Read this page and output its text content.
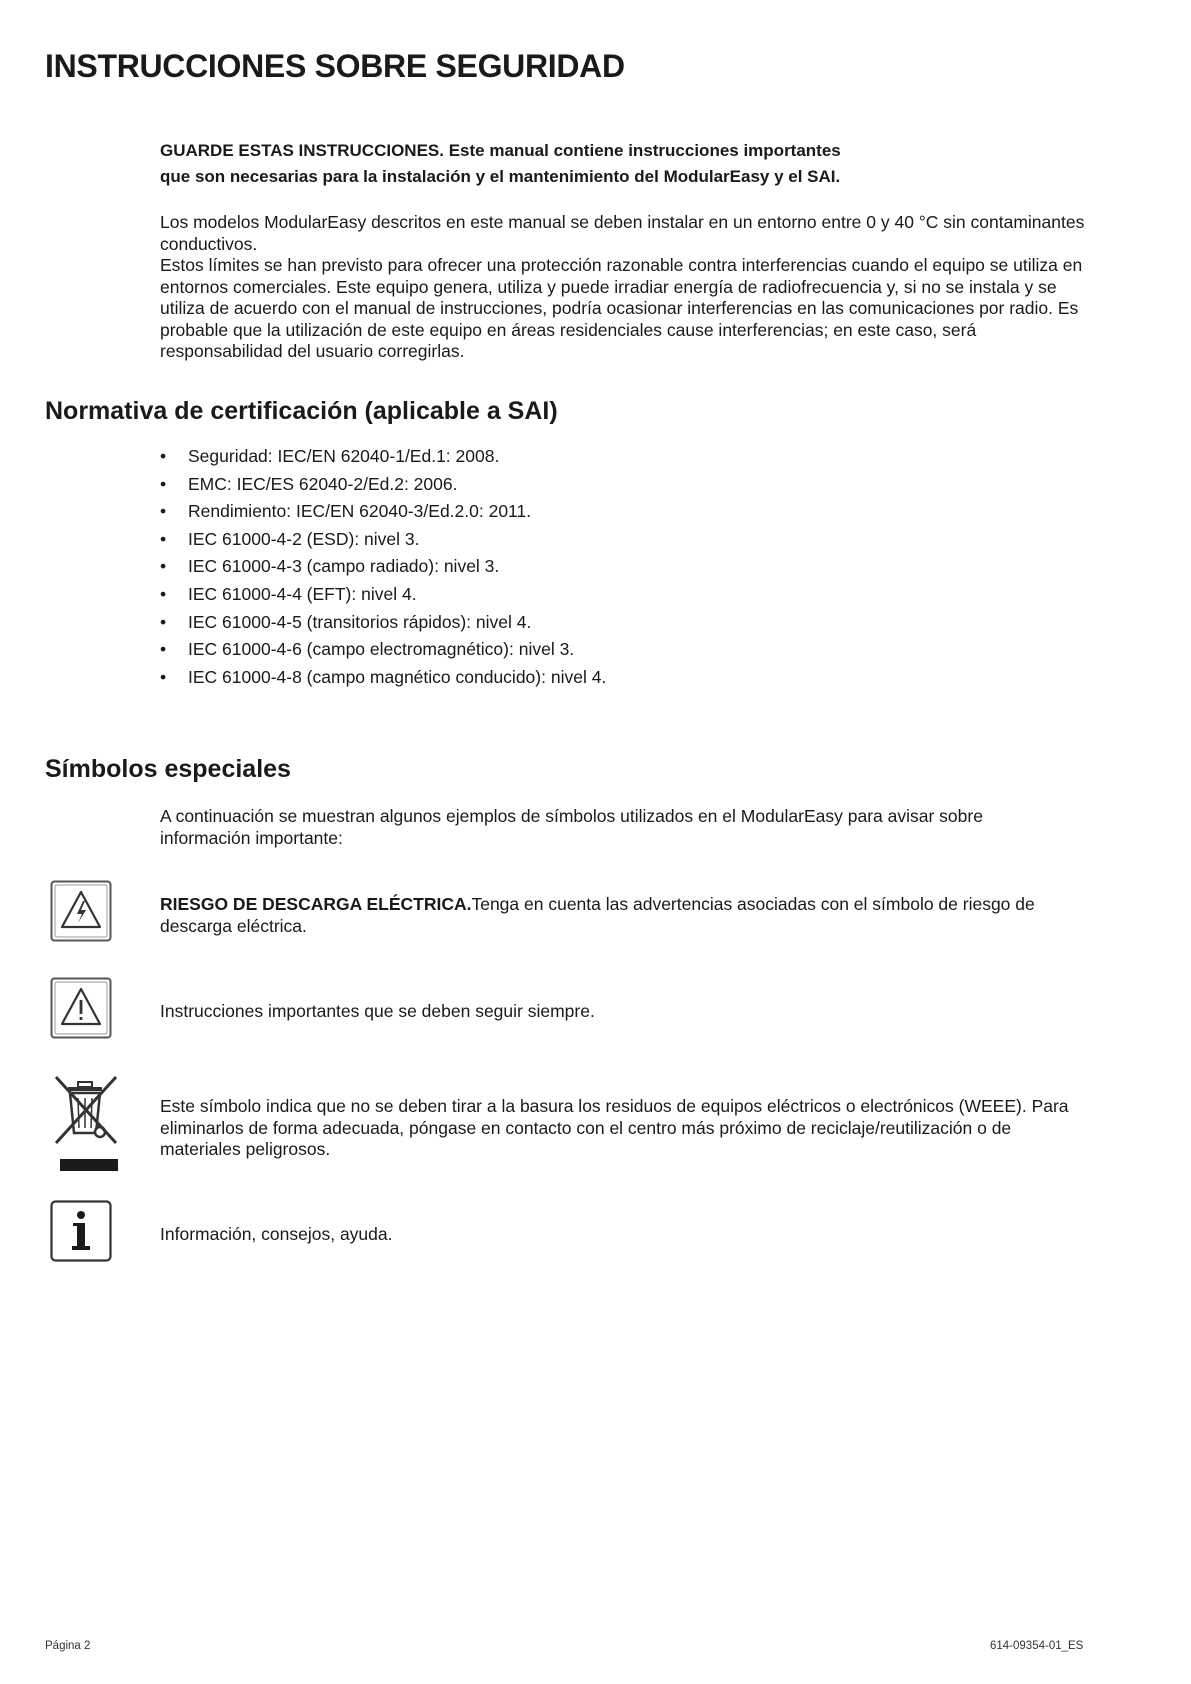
INSTRUCCIONES SOBRE SEGURIDAD

GUARDE ESTAS INSTRUCCIONES. Este manual contiene instrucciones importantes

que son necesarias para la instalación y el mantenimiento del ModularEasy y el SAI.

Los modelos ModularEasy descritos en este manual se deben instalar en un entorno entre 0 y 40 °C sin contaminantes conductivos.

Estos límites se han previsto para ofrecer una protección razonable contra interferencias cuando el equipo se utiliza en entornos comerciales. Este equipo genera, utiliza y puede irradiar energía de radiofrecuencia y, si no se instala y se utiliza de acuerdo con el manual de instrucciones, podría ocasionar interferencias en las comunicaciones por radio. Es probable que la utilización de este equipo en áreas residenciales cause interferencias; en este caso, será responsabilidad del usuario corregirlas.

Normativa de certificación (aplicable a SAI)
• Seguridad: IEC/EN 62040-1/Ed.1: 2008.
• EMC: IEC/ES 62040-2/Ed.2: 2006.
• Rendimiento: IEC/EN 62040-3/Ed.2.0: 2011.
• IEC 61000-4-2 (ESD): nivel 3.
• IEC 61000-4-3 (campo radiado): nivel 3.
• IEC 61000-4-4 (EFT): nivel 4.
• IEC 61000-4-5 (transitorios rápidos): nivel 4.
• IEC 61000-4-6 (campo electromagnético): nivel 3.
• IEC 61000-4-8 (campo magnético conducido): nivel 4.
Símbolos especiales

A continuación se muestran algunos ejemplos de símbolos utilizados en el ModularEasy para avisar sobre información importante:

RIESGO DE DESCARGA ELÉCTRICA.Tenga en cuenta las advertencias asociadas con el símbolo de riesgo de descarga eléctrica.
Instrucciones importantes que se deben seguir siempre.
Este símbolo indica que no se deben tirar a la basura los residuos de equipos eléctricos o electrónicos (WEEE). Para eliminarlos de forma adecuada, póngase en contacto con el centro más próximo de reciclaje/reutilización o de materiales peligrosos.
Información, consejos, ayuda.
Página 2	614-09354-01_ES
